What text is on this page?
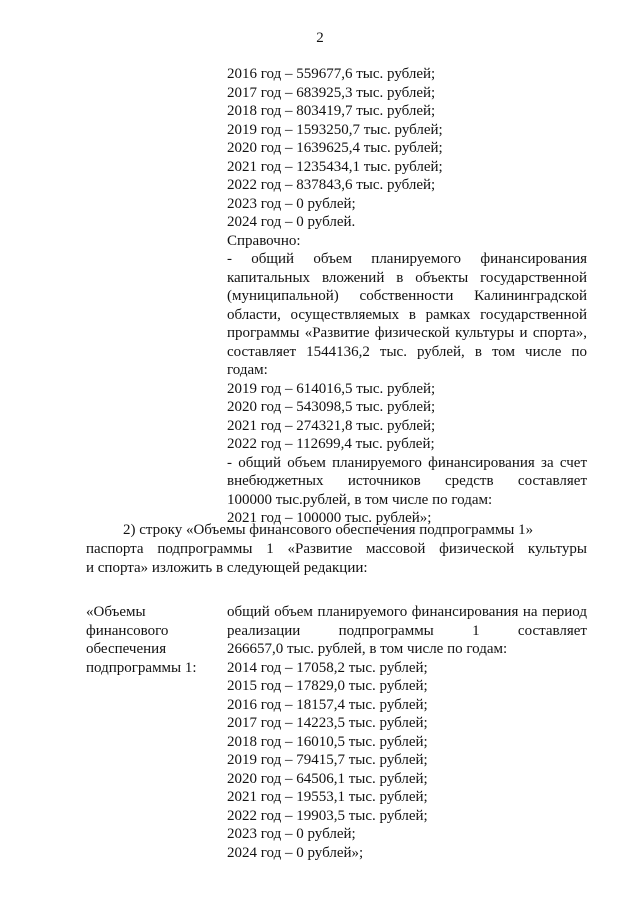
2
2016 год – 559677,6 тыс. рублей;
2017 год – 683925,3 тыс. рублей;
2018 год – 803419,7 тыс. рублей;
2019 год – 1593250,7 тыс. рублей;
2020 год – 1639625,4 тыс. рублей;
2021 год – 1235434,1 тыс. рублей;
2022 год – 837843,6 тыс. рублей;
2023 год – 0 рублей;
2024 год – 0 рублей.
Справочно:
- общий объем планируемого финансирования
капитальных вложений в объекты государственной
(муниципальной) собственности Калининградской
области, осуществляемых в рамках государственной
программы «Развитие физической культуры и спорта»,
составляет 1544136,2 тыс. рублей, в том числе по
годам:
2019 год – 614016,5 тыс. рублей;
2020 год – 543098,5 тыс. рублей;
2021 год – 274321,8 тыс. рублей;
2022 год – 112699,4 тыс. рублей;
- общий объем планируемого финансирования за счет
внебюджетных источников средств составляет
100000 тыс.рублей, в том числе по годам:
2021 год – 100000 тыс. рублей»;
2) строку «Объемы финансового обеспечения подпрограммы 1»
паспорта подпрограммы 1 «Развитие массовой физической культуры
и спорта» изложить в следующей редакции:
«Объемы
финансового
обеспечения
подпрограммы 1:
общий объем планируемого финансирования на период
реализации подпрограммы 1 составляет
266657,0 тыс. рублей, в том числе по годам:
2014 год – 17058,2 тыс. рублей;
2015 год – 17829,0 тыс. рублей;
2016 год – 18157,4 тыс. рублей;
2017 год – 14223,5 тыс. рублей;
2018 год – 16010,5 тыс. рублей;
2019 год – 79415,7 тыс. рублей;
2020 год – 64506,1 тыс. рублей;
2021 год – 19553,1 тыс. рублей;
2022 год – 19903,5 тыс. рублей;
2023 год – 0 рублей;
2024 год – 0 рублей»;
